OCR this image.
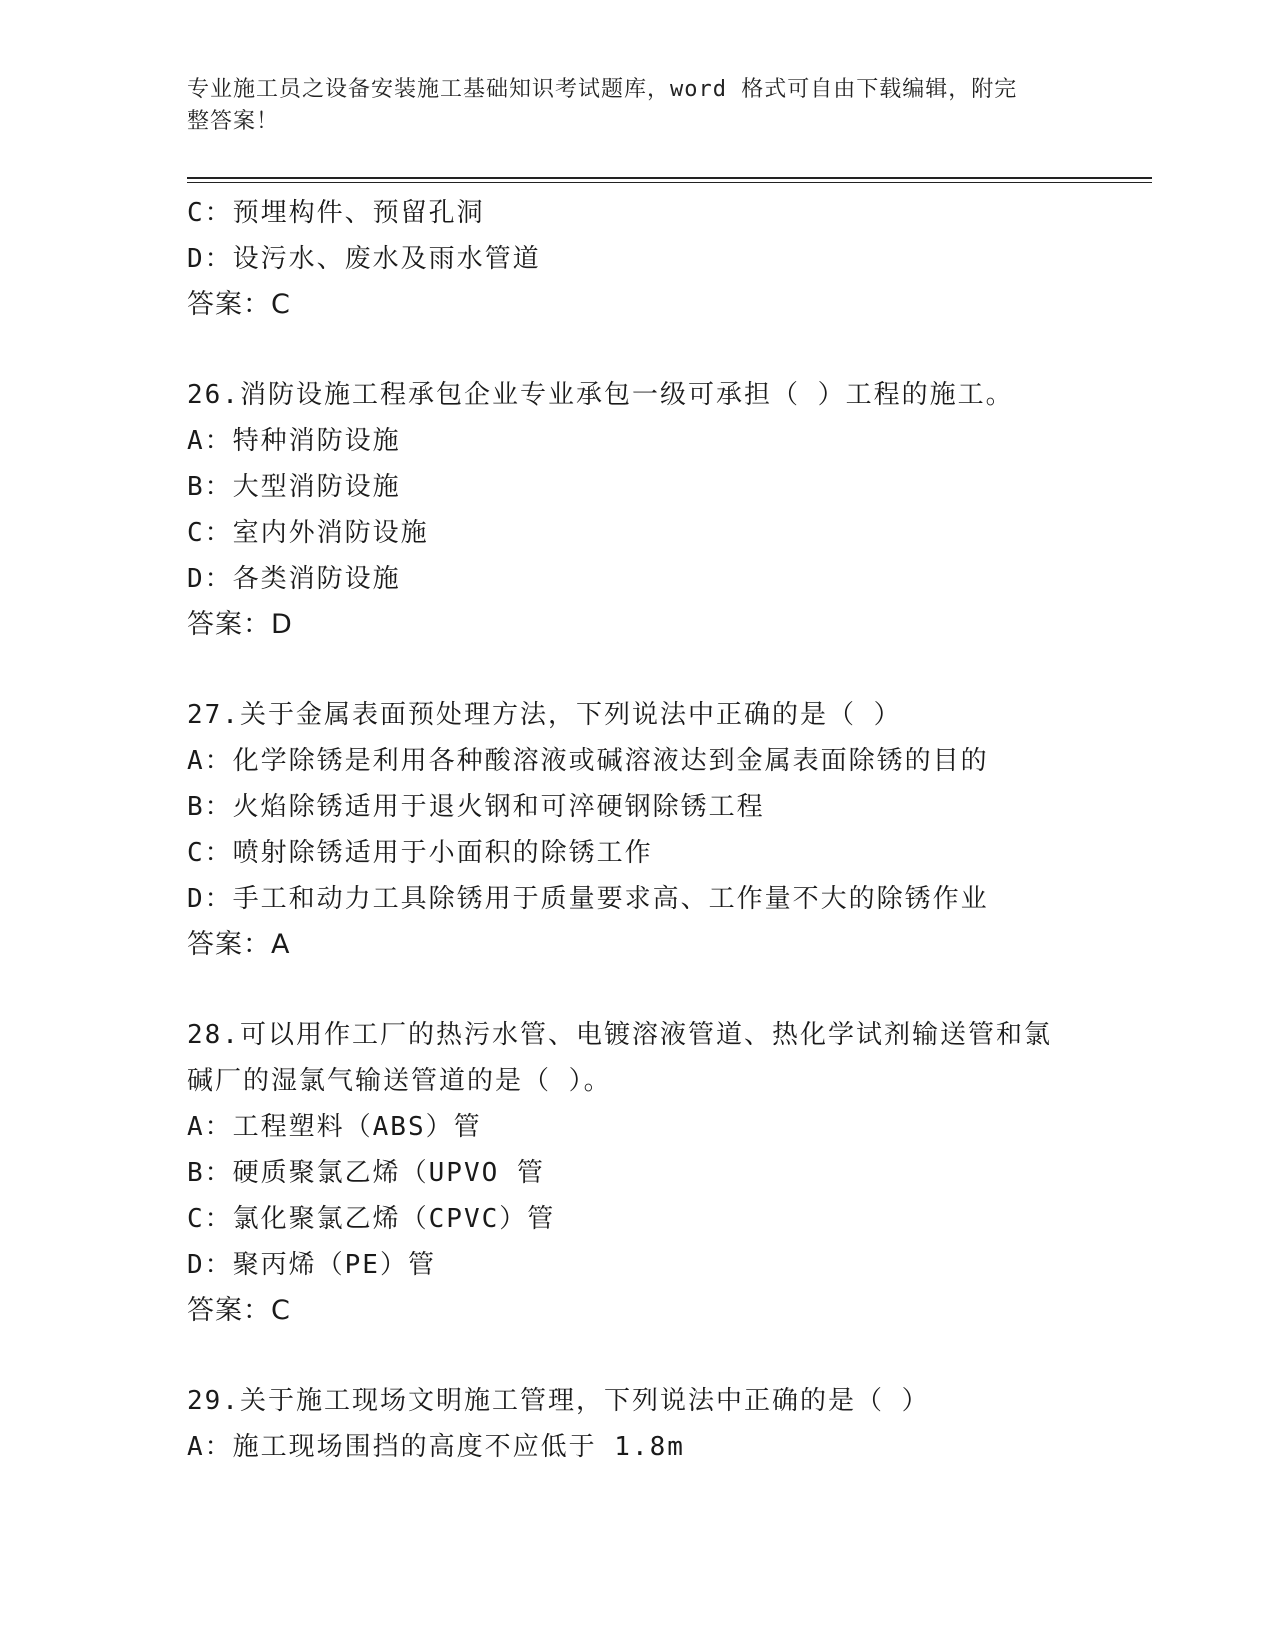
专业施工员之设备安装施工基础知识考试题库，word 格式可自由下载编辑，附完
整答案！
C：预埋构件、预留孔洞
D：设污水、废水及雨水管道
答案：C
26.消防设施工程承包企业专业承包一级可承担（ ）工程的施工。
A：特种消防设施
B：大型消防设施
C：室内外消防设施
D：各类消防设施
答案：D
27.关于金属表面预处理方法，下列说法中正确的是（ ）
A：化学除锈是利用各种酸溶液或碱溶液达到金属表面除锈的目的
B：火焰除锈适用于退火钢和可淬硬钢除锈工程
C：喷射除锈适用于小面积的除锈工作
D：手工和动力工具除锈用于质量要求高、工作量不大的除锈作业
答案：A
28.可以用作工厂的热污水管、电镀溶液管道、热化学试剂输送管和氯
碱厂的湿氯气输送管道的是（ ）。
A：工程塑料（ABS）管
B：硬质聚氯乙烯（UPVO 管
C：氯化聚氯乙烯（CPVC）管
D：聚丙烯（PE）管
答案：C
29.关于施工现场文明施工管理，下列说法中正确的是（ ）
A：施工现场围挡的高度不应低于 1.8m
